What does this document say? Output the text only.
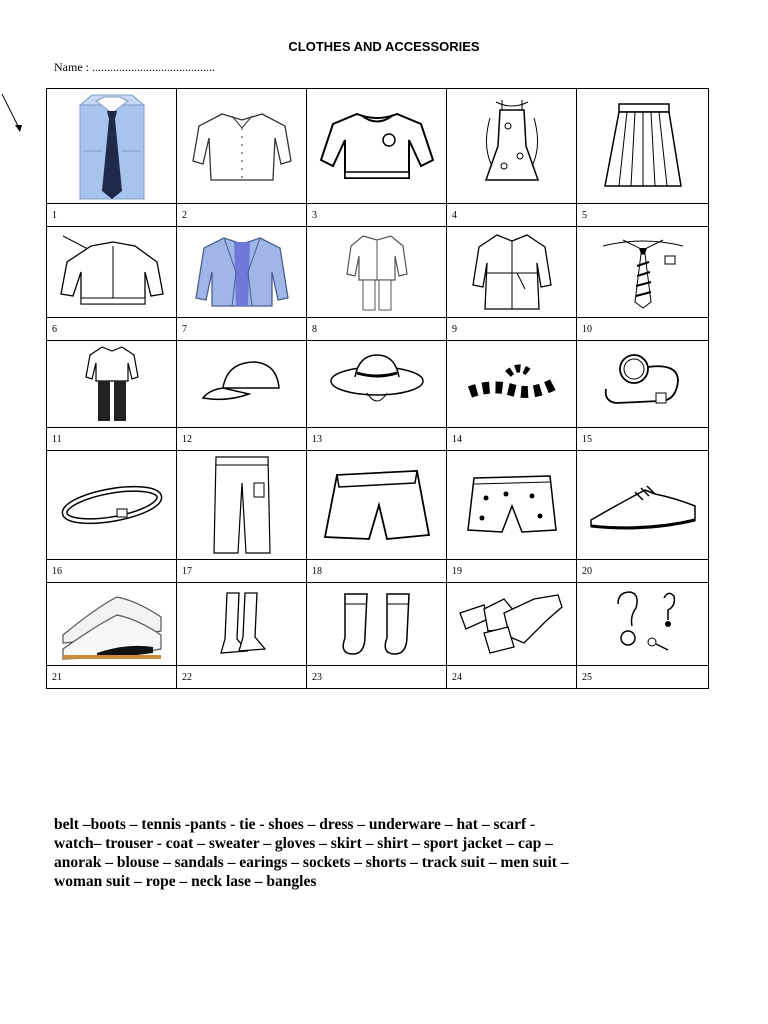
CLOTHES AND ACCESSORIES
Name : .........................................

1	2	3	4	5

6	7	8	9	10

11	12	13	14	15

16	17	18	19	20

21	22	23	24	25
belt –boots – tennis -pants - tie - shoes – dress – underware – hat – scarf -
watch– trouser - coat – sweater – gloves – skirt – shirt – sport jacket – cap –
anorak – blouse – sandals – earings – sockets – shorts – track suit – men suit –
woman suit – rope – neck lase – bangles
